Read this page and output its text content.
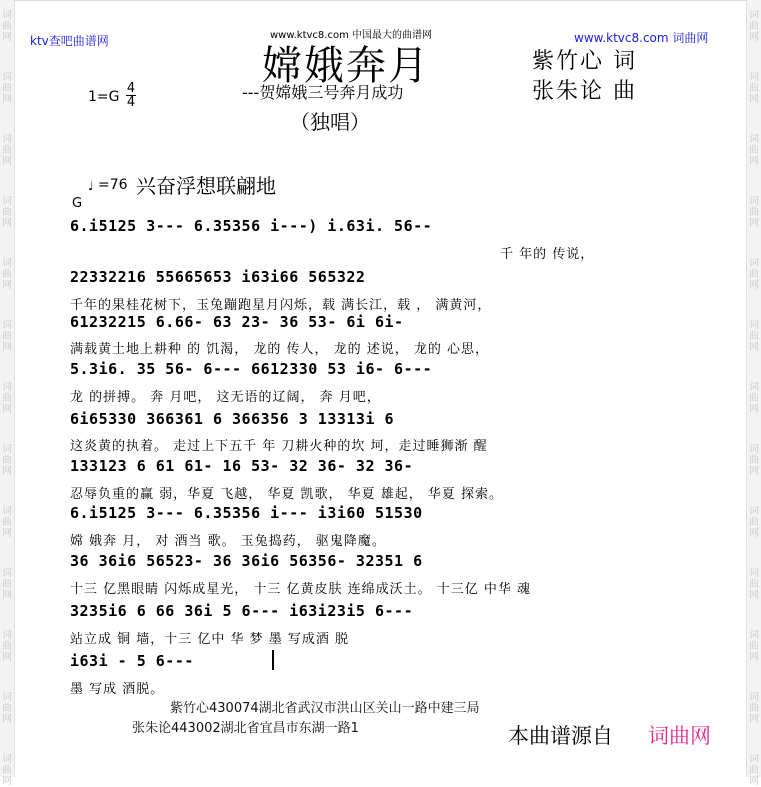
词
曲
网
词
曲
网
词
曲
网
词
曲
网
词
曲
网
词
曲
网
词
曲
网
词
曲
网
词
曲
网
词
曲
网
词
曲
网
词
曲
网
词
曲
网
词
曲
网
词
曲
网
词
曲
网
词
曲
网
词
曲
网
词
曲
网
词
曲
网
词
曲
网
词
曲
网
词
曲
网
词
曲
网
词
曲
网
词
曲
网
ktv查吧曲谱网	www.ktvc8.com 中国最大的曲谱网	www.ktvc8.com 词曲网
嫦娥奔月
---贺嫦娥三号奔月成功
（独唱）
紫竹心 词
张朱论 曲
1=G
4
4
♩ =76 兴奋浮想联翩地
G
6.i5125 3--- 6.35356 i---) i.63i. 56--
千 年的 传说，
22332216 55665653 i63i66 565322
千年的果桂花树下，玉兔蹦跑星月闪烁，载 满长江，载 ， 满黄河，
61232215 6.66- 63 23- 36 53- 6i 6i-
满载黄土地上耕种 的 饥渴， 龙的 传人， 龙的 述说， 龙的 心思，
5.3i6. 35 56- 6--- 6612330 53 i6- 6---
龙 的拼搏。 奔 月吧， 这无语的辽阔， 奔 月吧，
6i65330 366361 6 366356 3 13313i 6
这炎黄的执着。 走过上下五千 年 刀耕火种的坎 坷，走过睡狮渐 醒
133123 6 61 61- 16 53- 32 36- 32 36-
忍辱负重的赢 弱，华夏 飞越， 华夏 凯歌， 华夏 雄起， 华夏 探索。
6.i5125 3--- 6.35356 i--- i3i60 51530
嫦 娥奔 月， 对 酒当 歌。 玉兔捣药， 驱鬼降魔。
36 36i6 56523- 36 36i6 56356- 32351 6
十三 亿黑眼睛 闪烁成星光， 十三 亿黄皮肤 连绵成沃土。 十三亿 中华 魂
3235i6 6 66 36i 5 6--- i63i23i5 6---
站立成 铜 墙，十三 亿中 华 梦 墨 写成酒 脱
i63i - 5 6---
墨 写成 酒脱。
紫竹心430074湖北省武汉市洪山区关山一路中建三局
张朱论443002湖北省宜昌市东湖一路1	本曲谱源自 词曲网
